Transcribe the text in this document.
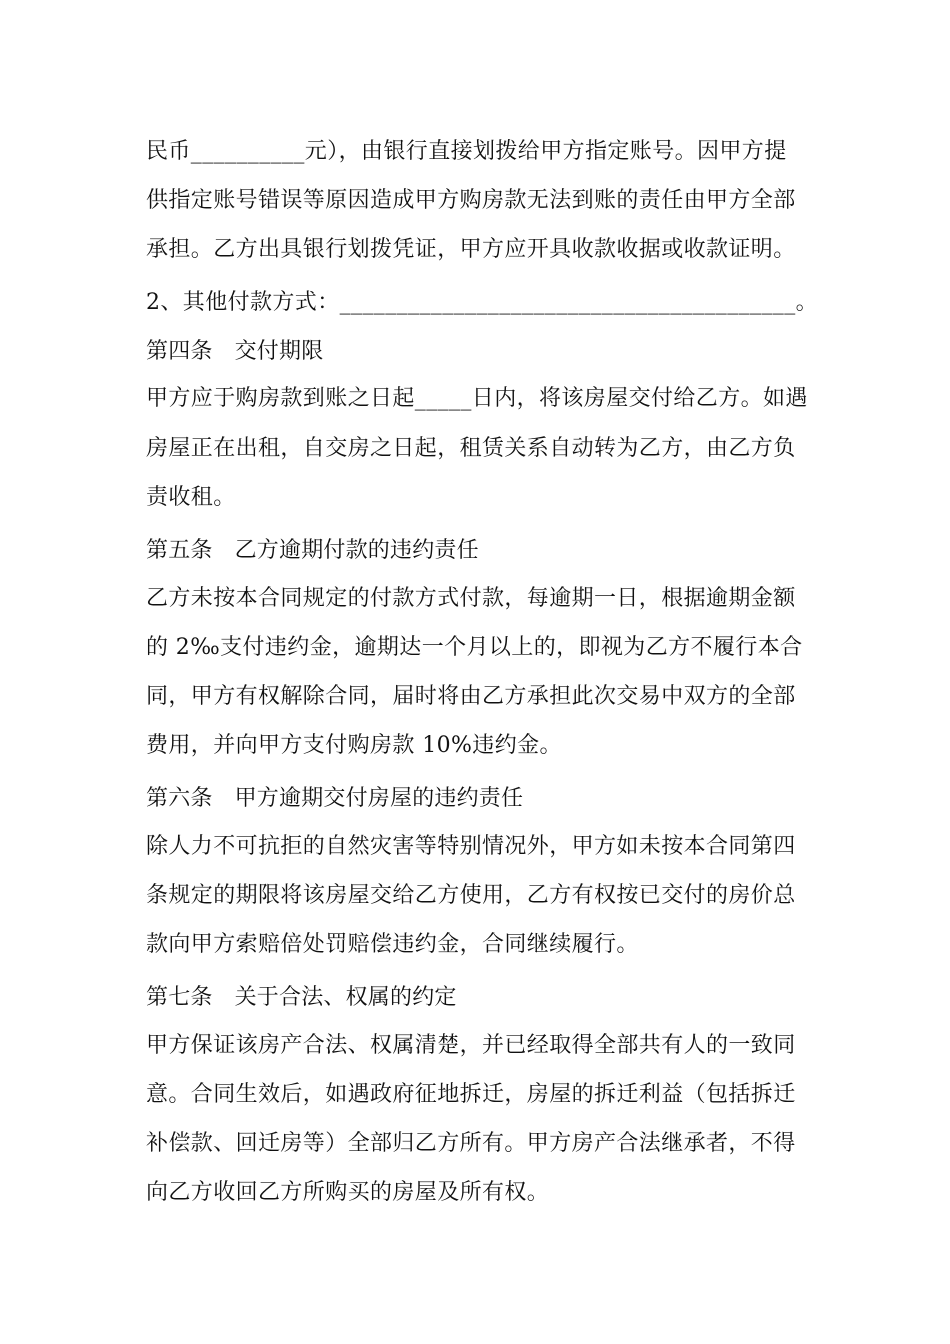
民币__________元），由银行直接划拨给甲方指定账号。因甲方提
供指定账号错误等原因造成甲方购房款无法到账的责任由甲方全部
承担。乙方出具银行划拨凭证，甲方应开具收款收据或收款证明。
2、其他付款方式：________________________________________。
第四条 交付期限
甲方应于购房款到账之日起_____日内，将该房屋交付给乙方。如遇
房屋正在出租，自交房之日起，租赁关系自动转为乙方，由乙方负
责收租。
第五条 乙方逾期付款的违约责任
乙方未按本合同规定的付款方式付款，每逾期一日，根据逾期金额
的 2‰支付违约金，逾期达一个月以上的，即视为乙方不履行本合
同，甲方有权解除合同，届时将由乙方承担此次交易中双方的全部
费用，并向甲方支付购房款 10%违约金。
第六条 甲方逾期交付房屋的违约责任
除人力不可抗拒的自然灾害等特别情况外，甲方如未按本合同第四
条规定的期限将该房屋交给乙方使用，乙方有权按已交付的房价总
款向甲方索赔倍处罚赔偿违约金，合同继续履行。
第七条 关于合法、权属的约定
甲方保证该房产合法、权属清楚，并已经取得全部共有人的一致同
意。合同生效后，如遇政府征地拆迁，房屋的拆迁利益（包括拆迁
补偿款、回迁房等）全部归乙方所有。甲方房产合法继承者，不得
向乙方收回乙方所购买的房屋及所有权。
